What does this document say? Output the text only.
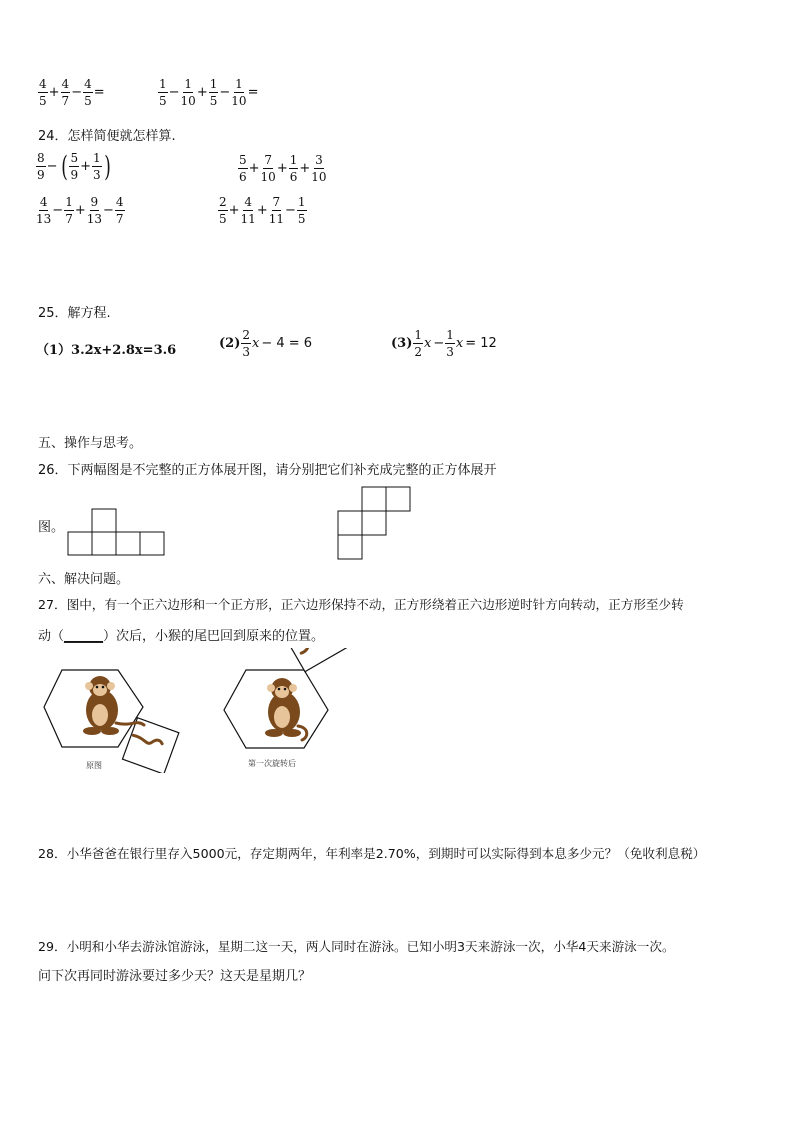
$\frac{4}{5} + \frac{4}{7} - \frac{4}{5}$ =	$\frac{1}{5} - \frac{1}{10} + \frac{1}{5} - \frac{1}{10}$ =
24．怎样简便就怎样算.
$\frac{8}{9}$ − ( $\frac{5}{9} + \frac{1}{3}$ )	$\frac{5}{6} + \frac{7}{10} + \frac{1}{6} + \frac{3}{10}$
$\frac{4}{13} - \frac{1}{7} + \frac{9}{13} - \frac{4}{7}$	$\frac{2}{5} + \frac{4}{11} + \frac{7}{11} - \frac{1}{5}$
25．解方程.
（1）3.2x+2.8x=3.6	$(2) \frac{2}{3}$ x − 4 = 6	$(3) \frac{1}{2}$ $x - \frac{1}{3}$ x = 12
五、操作与思考。
26．下两幅图是不完整的正方体展开图，请分别把它们补充成完整的正方体展开
图。
六、解决问题。
27．图中，有一个正六边形和一个正方形，正六边形保持不动，正方形绕着正六边形逆时针方向转动，正方形至少转
动（______）次后，小猴的尾巴回到原来的位置。
原图	第一次旋转后
28．小华爸爸在银行里存入5000元，存定期两年，年利率是2.70%，到期时可以实际得到本息多少元？（免收利息税）
29．小明和小华去游泳馆游泳，星期二这一天，两人同时在游泳。已知小明3天来游泳一次，小华4天来游泳一次。
问下次再同时游泳要过多少天？这天是星期几？
